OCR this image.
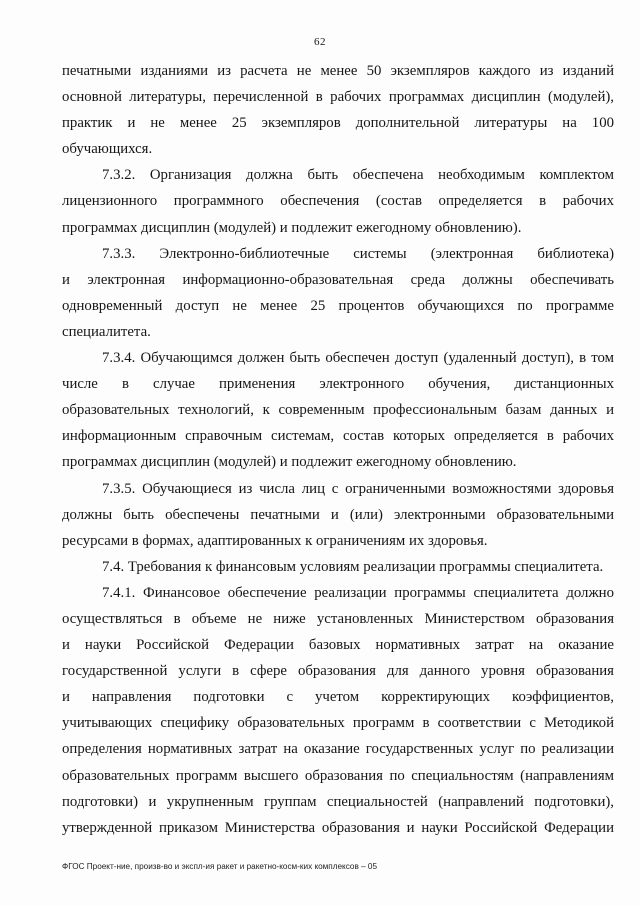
62

печатными изданиями из расчета не менее 50 экземпляров каждого из изданий

основной литературы, перечисленной в рабочих программах дисциплин (модулей),

практик и не менее 25 экземпляров дополнительной литературы на 100

обучающихся.

7.3.2. Организация должна быть обеспечена необходимым комплектом

лицензионного программного обеспечения (состав определяется в рабочих

программах дисциплин (модулей) и подлежит ежегодному обновлению).

7.3.3. Электронно-библиотечные системы (электронная библиотека)

и электронная информационно-образовательная среда должны обеспечивать

одновременный доступ не менее 25 процентов обучающихся по программе

специалитета.

7.3.4. Обучающимся должен быть обеспечен доступ (удаленный доступ), в том

числе в случае применения электронного обучения, дистанционных

образовательных технологий, к современным профессиональным базам данных и

информационным справочным системам, состав которых определяется в рабочих

программах дисциплин (модулей) и подлежит ежегодному обновлению.

7.3.5. Обучающиеся из числа лиц с ограниченными возможностями здоровья

должны быть обеспечены печатными и (или) электронными образовательными

ресурсами в формах, адаптированных к ограничениям их здоровья.

7.4. Требования к финансовым условиям реализации программы специалитета.

7.4.1. Финансовое обеспечение реализации программы специалитета должно

осуществляться в объеме не ниже установленных Министерством образования

и науки Российской Федерации базовых нормативных затрат на оказание

государственной услуги в сфере образования для данного уровня образования

и направления подготовки с учетом корректирующих коэффициентов,

учитывающих специфику образовательных программ в соответствии с Методикой

определения нормативных затрат на оказание государственных услуг по реализации

образовательных программ высшего образования по специальностям (направлениям

подготовки) и укрупненным группам специальностей (направлений подготовки),

утвержденной приказом Министерства образования и науки Российской Федерации

ФГОС Проект-ние, произв-во и экспл-ия ракет и ракетно-косм-ких комплексов – 05
